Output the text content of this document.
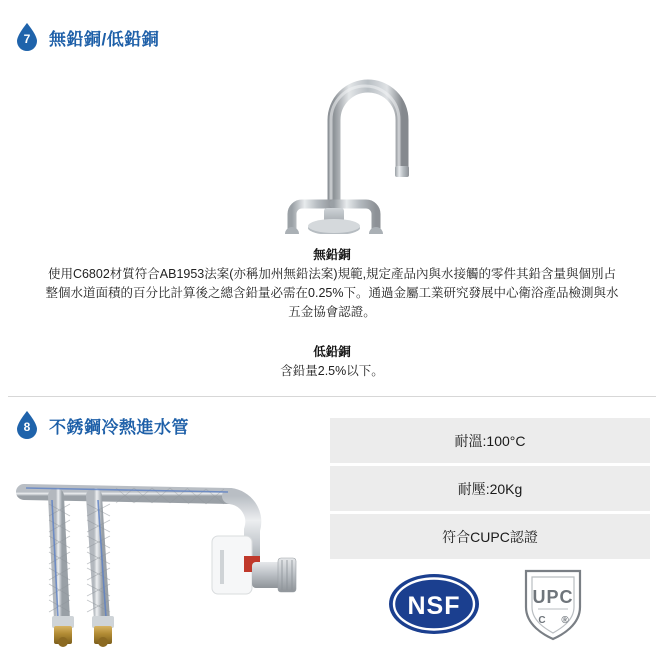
7	無鉛銅/低鉛銅
無鉛銅

使用C6802材質符合AB1953法案(亦稱加州無鉛法案)規範,規定產品內與水接觸的零件其鉛含量與個別占

整個水道面積的百分比計算後之總含鉛量必需在0.25%下。通過金屬工業研究發展中心衛浴產品檢測與水

五金協會認證。

低鉛銅

含鉛量2.5%以下。

8	不銹鋼冷熱進水管
耐溫:100°C
耐壓:20Kg
符合CUPC認證
NSF	UPC
C ®
